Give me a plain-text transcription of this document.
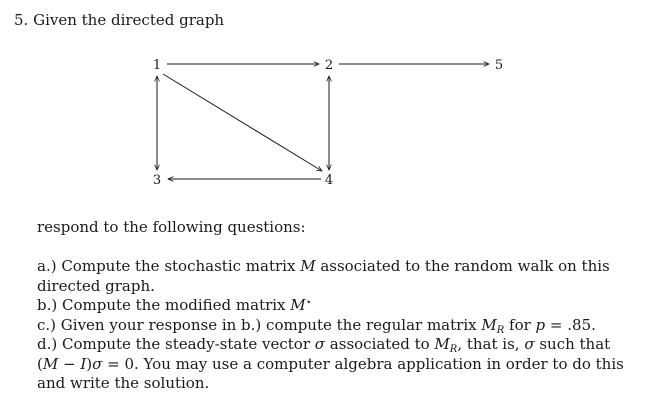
5. Given the directed graph
1	2	5
3	4
respond to the following questions:

a.) Compute the stochastic matrix M associated to the random walk on this directed graph.

b.) Compute the modified matrix M⋆

c.) Given your response in b.) compute the regular matrix $M_R$ for p = .85.

d.) Compute the steady-state vector σ associated to $M_R$, that is, σ such that (M − I)σ = 0. You may use a computer algebra application in order to do this and write the solution.
